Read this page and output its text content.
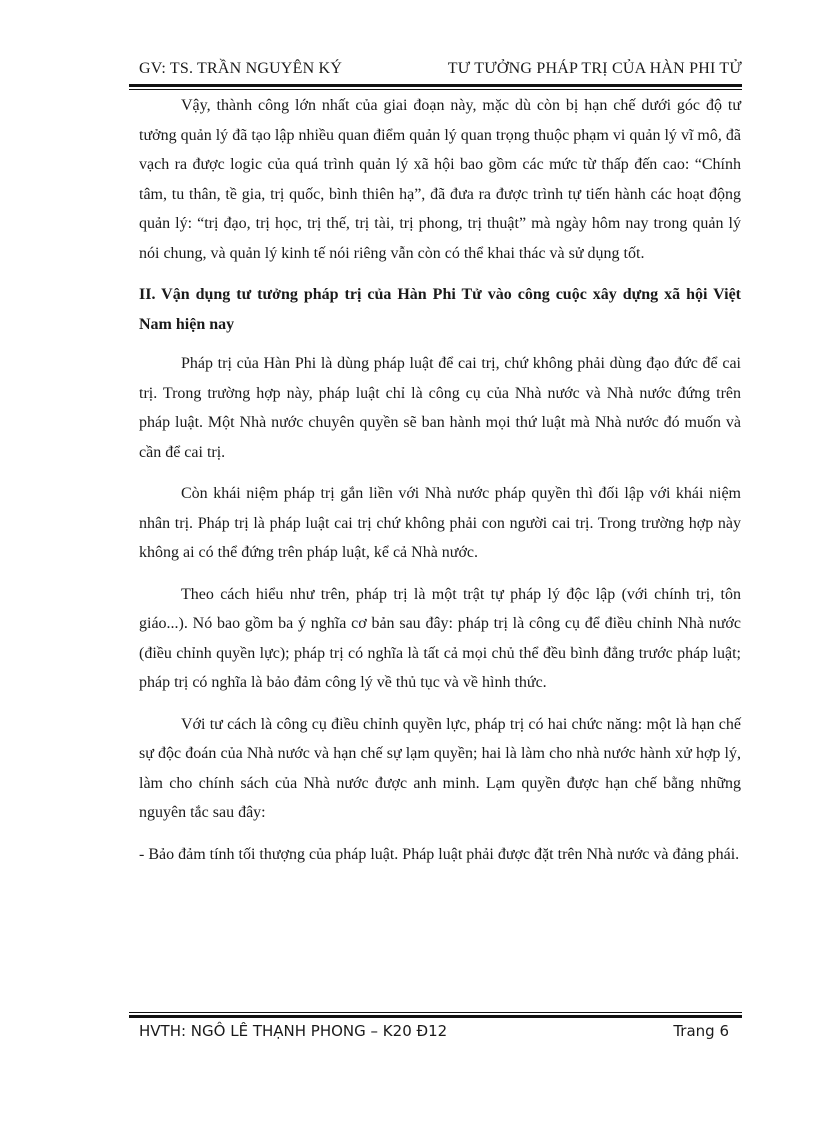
GV: TS. TRẦN NGUYÊN KÝ	TƯ TƯỞNG PHÁP TRỊ CỦA HÀN PHI TỬ

Vậy, thành công lớn nhất của giai đoạn này, mặc dù còn bị hạn chế dưới góc độ tư tưởng quản lý đã tạo lập nhiều quan điểm quản lý quan trọng thuộc phạm vi quản lý vĩ mô, đã vạch ra được logic của quá trình quản lý xã hội bao gồm các mức từ thấp đến cao: “Chính tâm, tu thân, tề gia, trị quốc, bình thiên hạ”, đã đưa ra được trình tự tiến hành các hoạt động quản lý: “trị đạo, trị học, trị thế, trị tài, trị phong, trị thuật” mà ngày hôm nay trong quản lý nói chung, và quản lý kinh tế nói riêng vẫn còn có thể khai thác và sử dụng tốt.

II. Vận dụng tư tưởng pháp trị của Hàn Phi Tử vào công cuộc xây dựng xã hội Việt Nam hiện nay

Pháp trị của Hàn Phi là dùng pháp luật để cai trị, chứ không phải dùng đạo đức để cai trị. Trong trường hợp này, pháp luật chỉ là công cụ của Nhà nước và Nhà nước đứng trên pháp luật. Một Nhà nước chuyên quyền sẽ ban hành mọi thứ luật mà Nhà nước đó muốn và cần để cai trị.

Còn khái niệm pháp trị gắn liền với Nhà nước pháp quyền thì đối lập với khái niệm nhân trị. Pháp trị là pháp luật cai trị chứ không phải con người cai trị. Trong trường hợp này không ai có thể đứng trên pháp luật, kể cả Nhà nước.

Theo cách hiểu như trên, pháp trị là một trật tự pháp lý độc lập (với chính trị, tôn giáo...). Nó bao gồm ba ý nghĩa cơ bản sau đây: pháp trị là công cụ để điều chỉnh Nhà nước (điều chỉnh quyền lực); pháp trị có nghĩa là tất cả mọi chủ thể đều bình đẳng trước pháp luật; pháp trị có nghĩa là bảo đảm công lý về thủ tục và về hình thức.

Với tư cách là công cụ điều chỉnh quyền lực, pháp trị có hai chức năng: một là hạn chế sự độc đoán của Nhà nước và hạn chế sự lạm quyền; hai là làm cho nhà nước hành xử hợp lý, làm cho chính sách của Nhà nước được anh minh. Lạm quyền được hạn chế bằng những nguyên tắc sau đây:

- Bảo đảm tính tối thượng của pháp luật. Pháp luật phải được đặt trên Nhà nước và đảng phái.

HVTH: NGÔ LÊ THẠNH PHONG – K20 Đ12	Trang 6
